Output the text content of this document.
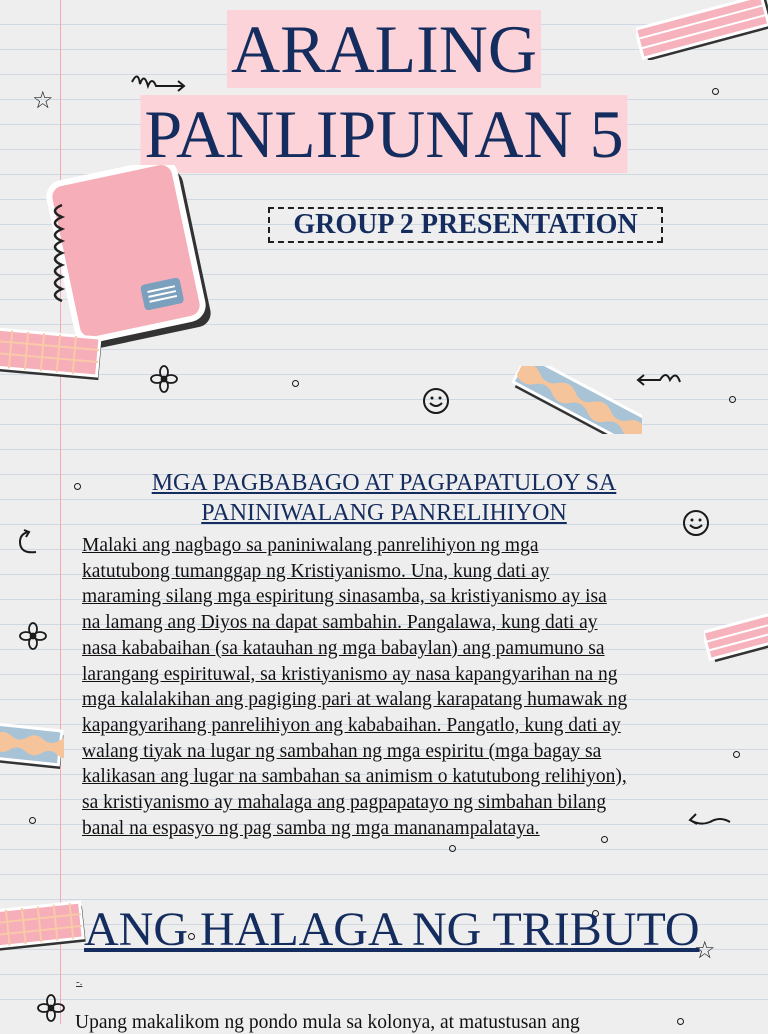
ARALING
PANLIPUNAN 5
GROUP 2 PRESENTATION
☆
☆
MGA PAGBABAGO AT PAGPAPATULOY SA
PANINIWALANG PANRELIHIYON
Malaki ang nagbago sa paniniwalang panrelihiyon ng mga
katutubong tumanggap ng Kristiyanismo. Una, kung dati ay
maraming silang mga espiritung sinasamba, sa kristiyanismo ay isa
na lamang ang Diyos na dapat sambahin. Pangalawa, kung dati ay
nasa kababaihan (sa katauhan ng mga babaylan) ang pamumuno sa
larangang espirituwal, sa kristiyanismo ay nasa kapangyarihan na ng
mga kalalakihan ang pagiging pari at walang karapatang humawak ng
kapangyarihang panrelihiyon ang kababaihan. Pangatlo, kung dati ay
walang tiyak na lugar ng sambahan ng mga espiritu (mga bagay sa
kalikasan ang lugar na sambahan sa animism o katutubong relihiyon),
sa kristiyanismo ay mahalaga ang pagpapatayo ng simbahan bilang
banal na espasyo ng pag samba ng mga mananampalataya.
ANG HALAGA NG TRIBUTO
-.
Upang makalikom ng pondo mula sa kolonya, at matustusan ang
